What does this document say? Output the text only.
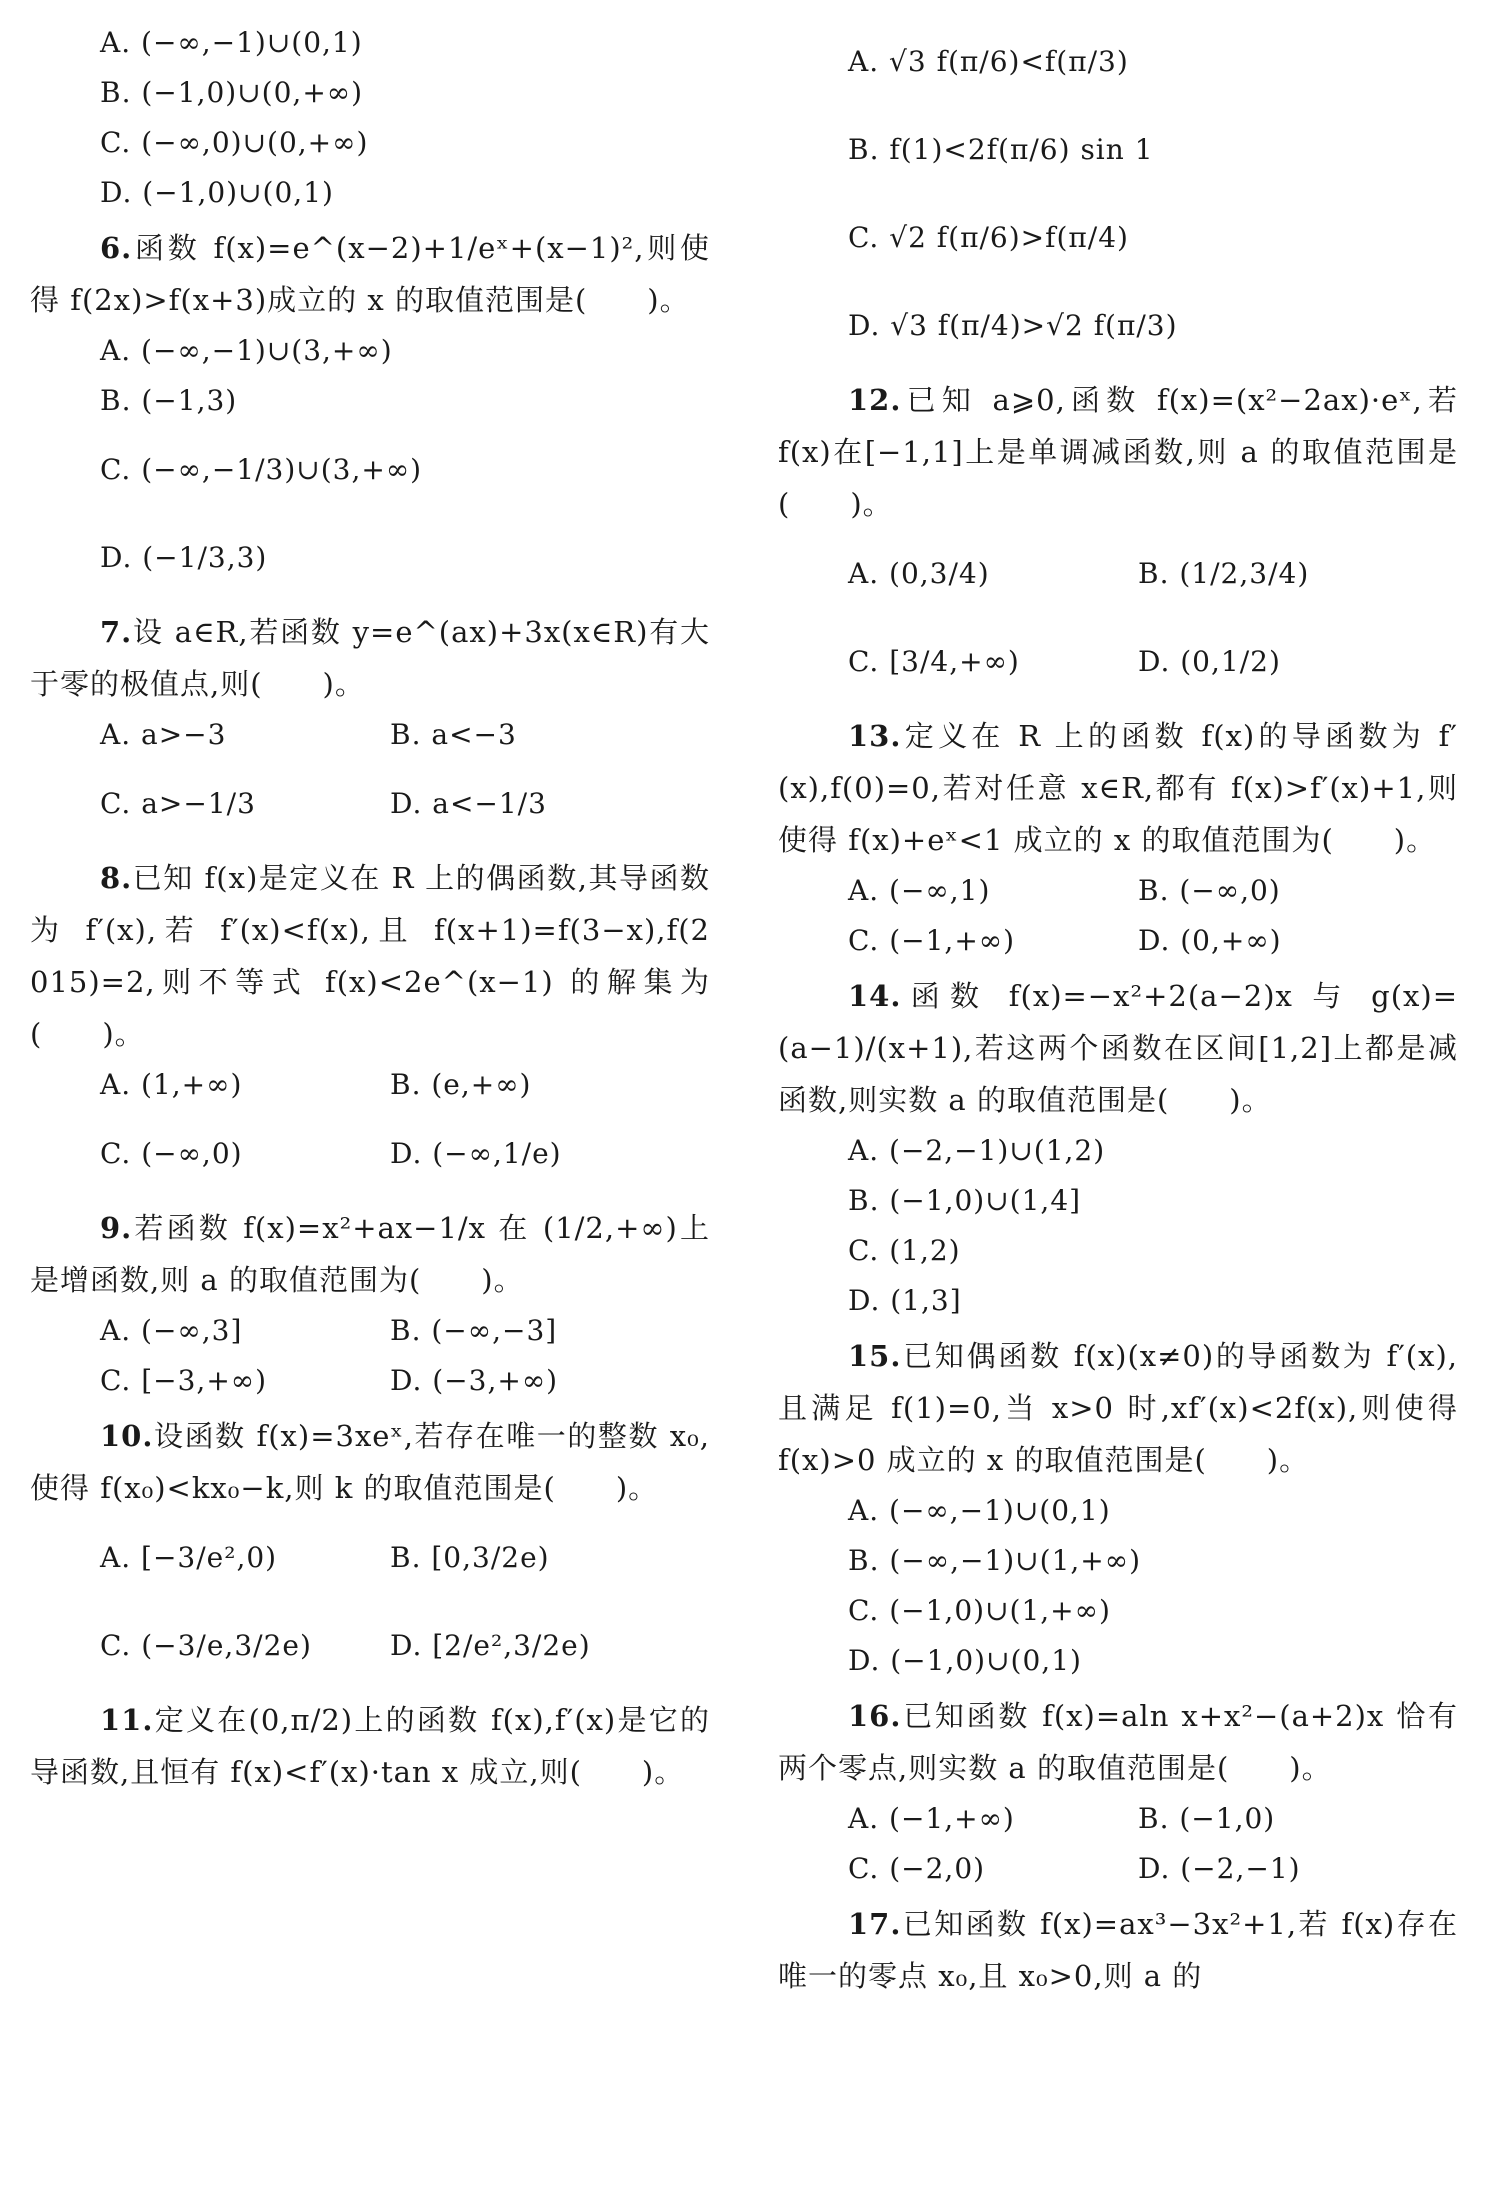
A. (−∞,−1)∪(0,1)
B. (−1,0)∪(0,+∞)
C. (−∞,0)∪(0,+∞)
D. (−1,0)∪(0,1)
6.函数 f(x)=e^(x−2)+1/eˣ+(x−1)²,则使得 f(2x)>f(x+3)成立的 x 的取值范围是(　　)。
A. (−∞,−1)∪(3,+∞)
B. (−1,3)
C. (−∞,−1/3)∪(3,+∞)
D. (−1/3,3)
7.设 a∈R,若函数 y=e^(ax)+3x(x∈R)有大于零的极值点,则(　　)。
A. a>−3	B. a<−3
C. a>−1/3	D. a<−1/3
8.已知 f(x)是定义在 R 上的偶函数,其导函数为 f′(x),若 f′(x)<f(x),且 f(x+1)=f(3−x),f(2 015)=2,则不等式 f(x)<2e^(x−1) 的解集为(　　)。
A. (1,+∞)	B. (e,+∞)
C. (−∞,0)	D. (−∞,1/e)
9.若函数 f(x)=x²+ax−1/x 在 (1/2,+∞)上是增函数,则 a 的取值范围为(　　)。
A. (−∞,3]	B. (−∞,−3]
C. [−3,+∞)	D. (−3,+∞)
10.设函数 f(x)=3xeˣ,若存在唯一的整数 x₀,使得 f(x₀)<kx₀−k,则 k 的取值范围是(　　)。
A. [−3/e²,0)	B. [0,3/2e)
C. (−3/e,3/2e)	D. [2/e²,3/2e)
11.定义在(0,π/2)上的函数 f(x),f′(x)是它的导函数,且恒有 f(x)<f′(x)·tan x 成立,则(　　)。
A. √3 f(π/6)<f(π/3)
B. f(1)<2f(π/6) sin 1
C. √2 f(π/6)>f(π/4)
D. √3 f(π/4)>√2 f(π/3)
12.已知 a⩾0,函数 f(x)=(x²−2ax)·eˣ,若 f(x)在[−1,1]上是单调减函数,则 a 的取值范围是(　　)。
A. (0,3/4)	B. (1/2,3/4)
C. [3/4,+∞)	D. (0,1/2)
13.定义在 R 上的函数 f(x)的导函数为 f′(x),f(0)=0,若对任意 x∈R,都有 f(x)>f′(x)+1,则使得 f(x)+eˣ<1 成立的 x 的取值范围为(　　)。
A. (−∞,1)	B. (−∞,0)
C. (−1,+∞)	D. (0,+∞)
14.函数 f(x)=−x²+2(a−2)x 与 g(x)=(a−1)/(x+1),若这两个函数在区间[1,2]上都是减函数,则实数 a 的取值范围是(　　)。
A. (−2,−1)∪(1,2)
B. (−1,0)∪(1,4]
C. (1,2)
D. (1,3]
15.已知偶函数 f(x)(x≠0)的导函数为 f′(x),且满足 f(1)=0,当 x>0 时,xf′(x)<2f(x),则使得 f(x)>0 成立的 x 的取值范围是(　　)。
A. (−∞,−1)∪(0,1)
B. (−∞,−1)∪(1,+∞)
C. (−1,0)∪(1,+∞)
D. (−1,0)∪(0,1)
16.已知函数 f(x)=aln x+x²−(a+2)x 恰有两个零点,则实数 a 的取值范围是(　　)。
A. (−1,+∞)	B. (−1,0)
C. (−2,0)	D. (−2,−1)
17.已知函数 f(x)=ax³−3x²+1,若 f(x)存在唯一的零点 x₀,且 x₀>0,则 a 的
